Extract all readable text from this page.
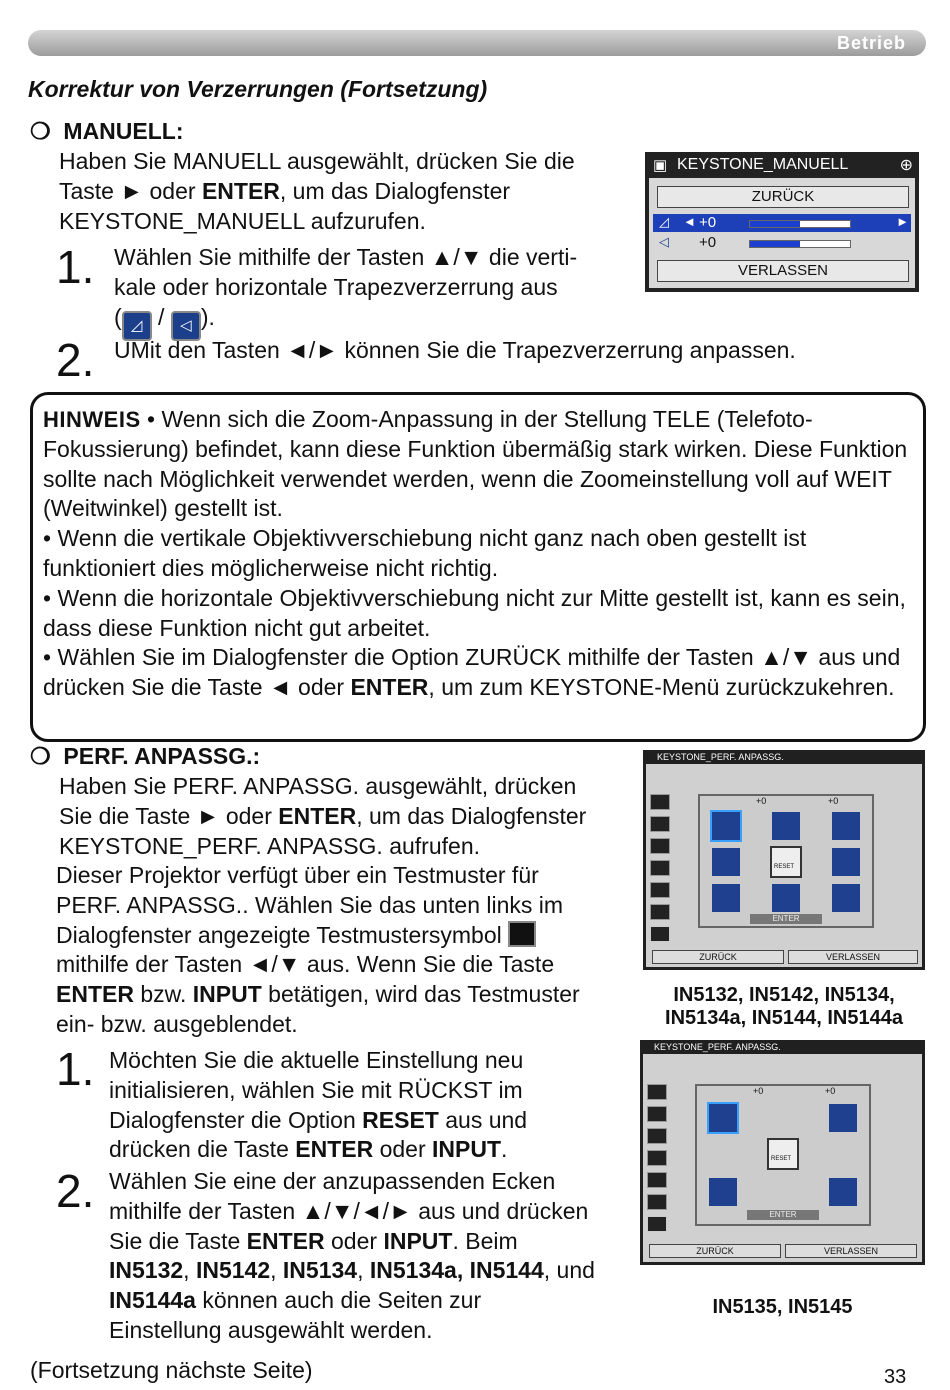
Betrieb
Korrektur von Verzerrungen (Fortsetzung)
❍ MANUELL:
Haben Sie MANUELL ausgewählt, drücken Sie die
Taste ► oder ENTER, um das Dialogfenster
KEYSTONE_MANUELL aufzurufen.
1. Wählen Sie mithilfe der Tasten ▲/▼ die verti-
kale oder horizontale Trapezverzerrung aus
( ◿ / ◁ ).
2. UMit den Tasten ◄/► können Sie die Trapezverzerrung anpassen.
▣ KEYSTONE_MANUELL	⊕
ZURÜCK
◿ ◄ +0	►
◁ +0
VERLASSEN
HINWEIS • Wenn sich die Zoom-Anpassung in der Stellung TELE (Telefoto-Fokussierung) befindet, kann diese Funktion übermäßig stark wirken. Diese Funktion sollte nach Möglichkeit verwendet werden, wenn die Zoomeinstellung voll auf WEIT (Weitwinkel) gestellt ist.
• Wenn die vertikale Objektivverschiebung nicht ganz nach oben gestellt ist funktioniert dies möglicherweise nicht richtig.
• Wenn die horizontale Objektivverschiebung nicht zur Mitte gestellt ist, kann es sein, dass diese Funktion nicht gut arbeitet.
• Wählen Sie im Dialogfenster die Option ZURÜCK mithilfe der Tasten ▲/▼ aus und drücken Sie die Taste ◄ oder ENTER, um zum KEYSTONE-Menü zurückzukehren.
❍ PERF. ANPASSG.:
Haben Sie PERF. ANPASSG. ausgewählt, drücken
Sie die Taste ► oder ENTER, um das Dialogfenster
KEYSTONE_PERF. ANPASSG. aufrufen.
Dieser Projektor verfügt über ein Testmuster für
PERF. ANPASSG.. Wählen Sie das unten links im
Dialogfenster angezeigte Testmustersymbol
mithilfe der Tasten ◄/▼ aus. Wenn Sie die Taste
ENTER bzw. INPUT betätigen, wird das Testmuster
ein- bzw. ausgeblendet.
1. Möchten Sie die aktuelle Einstellung neu
initialisieren, wählen Sie mit RÜCKST im
Dialogfenster die Option RESET aus und
drücken die Taste ENTER oder INPUT.
2. Wählen Sie eine der anzupassenden Ecken
mithilfe der Tasten ▲/▼/◄/► aus und drücken
Sie die Taste ENTER oder INPUT. Beim
IN5132, IN5142, IN5134, IN5134a, IN5144, und
IN5144a können auch die Seiten zur
Einstellung ausgewählt werden.
KEYSTONE_PERF. ANPASSG.
+0	+0
RESET
ENTER
ZURÜCK	VERLASSEN
IN5132, IN5142, IN5134,
IN5134a, IN5144, IN5144a
KEYSTONE_PERF. ANPASSG.
+0	+0
RESET
ENTER
ZURÜCK	VERLASSEN
IN5135, IN5145
(Fortsetzung nächste Seite)	33
